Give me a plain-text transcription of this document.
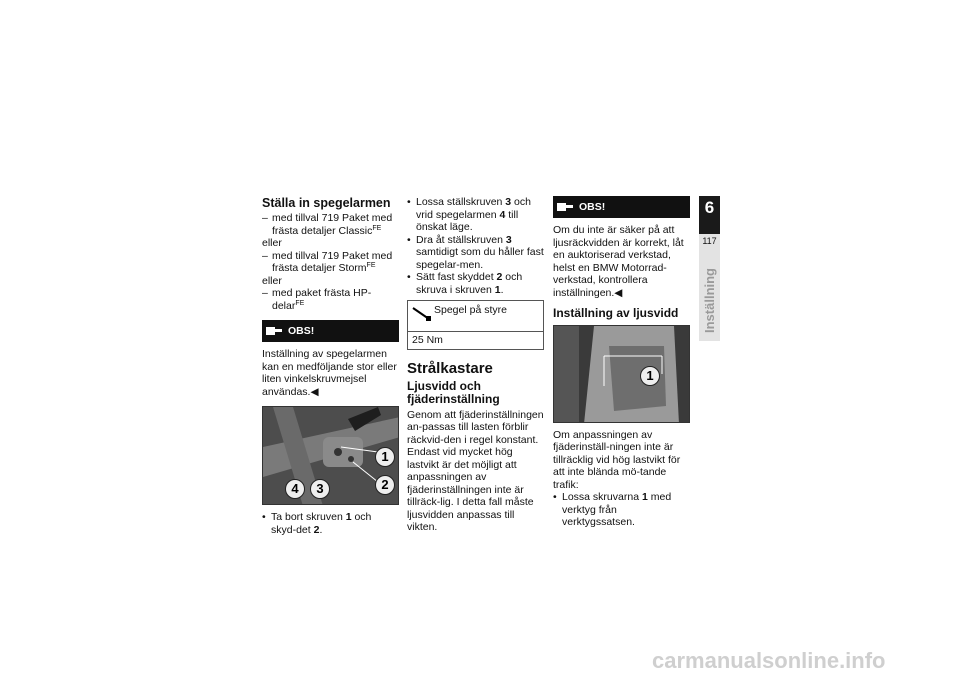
Ställa in spegelarmen

– med tillval 719 Paket med frästa detaljer Classic$^{FE}$

eller

– med tillval 719 Paket med frästa detaljer Storm$^{FE}$

eller

– med paket frästa HP-delar$^{FE}$

OBS!

Inställning av spegelarmen kan en medföljande stor eller liten vinkelskruvmejsel användas.◀

1
2
3
4

• Ta bort skruven 1 och skyd-det 2.

• Lossa ställskruven 3 och vrid spegelarmen 4 till önskat läge.

• Dra åt ställskruven 3 samtidigt som du håller fast spegelar-men.

• Sätt fast skyddet 2 och skruva i skruven 1.

Spegel på styre
25 Nm
Strålkastare
Ljusvidd och fjäderinställning

Genom att fjäderinställningen an-passas till lasten förblir räckvid-den i regel konstant.

Endast vid mycket hög lastvikt är det möjligt att anpassningen av fjäderinställningen inte är tillräck-lig. I detta fall måste ljusvidden anpassas till vikten.

OBS!

Om du inte är säker på att ljusräckvidden är korrekt, låt en auktoriserad verkstad, helst en BMW Motorrad-verkstad, kontrollera inställningen.◀

Inställning av ljusvidd
1

Om anpassningen av fjäderinställ-ningen inte är tillräcklig vid hög lastvikt för att inte blända mö-tande trafik:

• Lossa skruvarna 1 med verktyg från verktygssatsen.

6
117
Inställning
carmanualsonline.info
